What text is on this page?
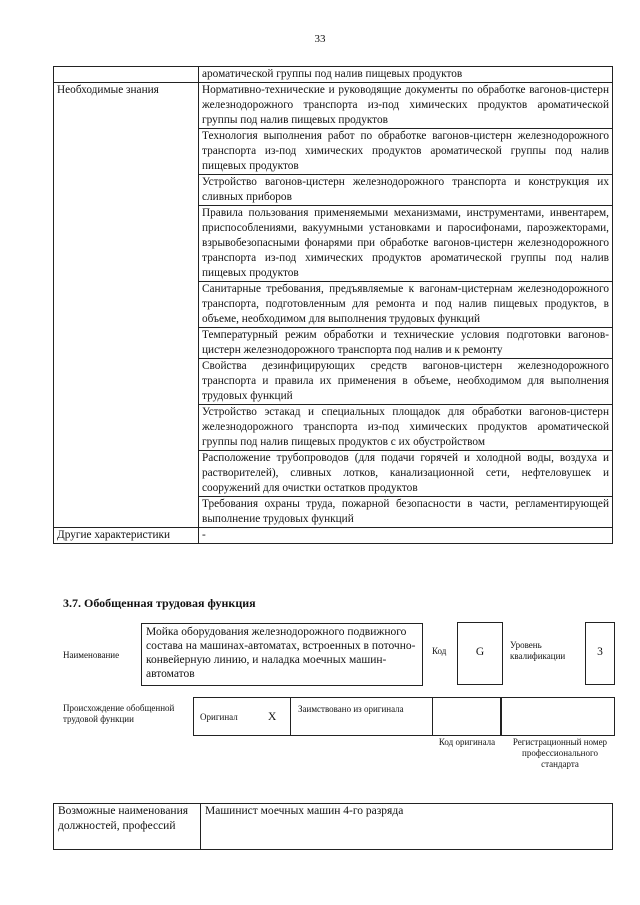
33
	ароматической группы под налив пищевых продуктов
Необходимые знания	Нормативно-технические и руководящие документы по обработке вагонов-цистерн железнодорожного транспорта из-под химических продуктов ароматической группы под налив пищевых продуктов
	Технология выполнения работ по обработке вагонов-цистерн железнодорожного транспорта из-под химических продуктов ароматической группы под налив пищевых продуктов
	Устройство вагонов-цистерн железнодорожного транспорта и конструкция их сливных приборов
	Правила пользования применяемыми механизмами, инструментами, инвентарем, приспособлениями, вакуумными установками и паросифонами, пароэжекторами, взрывобезопасными фонарями при обработке вагонов-цистерн железнодорожного транспорта из-под химических продуктов ароматической группы под налив пищевых продуктов
	Санитарные требования, предъявляемые к вагонам-цистернам железнодорожного транспорта, подготовленным для ремонта и под налив пищевых продуктов, в объеме, необходимом для выполнения трудовых функций
	Температурный режим обработки и технические условия подготовки вагонов-цистерн железнодорожного транспорта под налив и к ремонту
	Свойства дезинфицирующих средств вагонов-цистерн железнодорожного транспорта и правила их применения в объеме, необходимом для выполнения трудовых функций
	Устройство эстакад и специальных площадок для обработки вагонов-цистерн железнодорожного транспорта из-под химических продуктов ароматической группы под налив пищевых продуктов с их обустройством
	Расположение трубопроводов (для подачи горячей и холодной воды, воздуха и растворителей), сливных лотков, канализационной сети, нефтеловушек и сооружений для очистки остатков продуктов
	Требования охраны труда, пожарной безопасности в части, регламентирующей выполнение трудовых функций
Другие характеристики	-
3.7. Обобщенная трудовая функция
Наименование
Мойка оборудования железнодорожного подвижного состава на машинах-автоматах, встроенных в поточно-конвейерную линию, и наладка моечных машин-автоматов
Код	G
Уровень квалификации	3
Происхождение обобщенной трудовой функции	Оригинал	X
Заимствовано из оригинала
Код оригинала	Регистрационный номер профессионального стандарта
Возможные наименования должностей, профессий	Машинист моечных машин 4-го разряда
